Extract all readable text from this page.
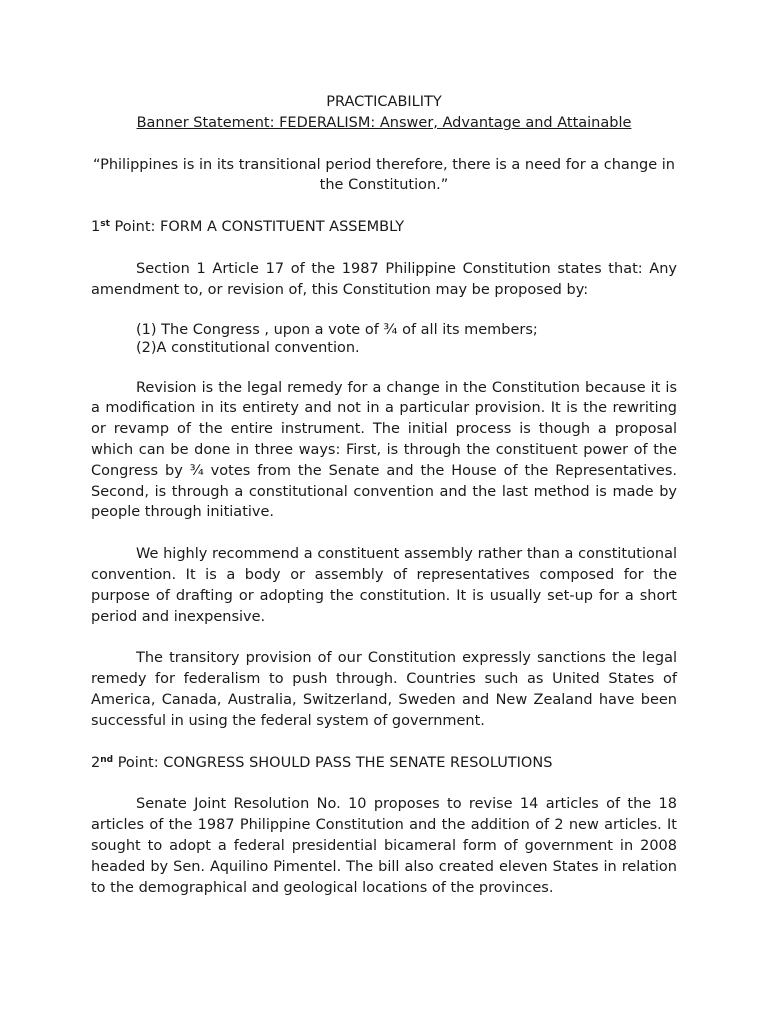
PRACTICABILITY

Banner Statement: FEDERALISM: Answer, Advantage and Attainable

“Philippines is in its transitional period therefore, there is a need for a change in the Constitution.”

1st Point: FORM A CONSTITUENT ASSEMBLY

Section 1 Article 17 of the 1987 Philippine Constitution states that: Any amendment to, or revision of, this Constitution may be proposed by:

(1) The Congress , upon a vote of ¾ of all its members;
(2)A constitutional convention.

Revision is the legal remedy for a change in the Constitution because it is a modification in its entirety and not in a particular provision. It is the rewriting or revamp of the entire instrument. The initial process is though a proposal which can be done in three ways: First, is through the constituent power of the Congress by ¾ votes from the Senate and the House of the Representatives. Second, is through a constitutional convention and the last method is made by people through initiative.

We highly recommend a constituent assembly rather than a constitutional convention. It is a body or assembly of representatives composed for the purpose of drafting or adopting the constitution. It is usually set-up for a short period and inexpensive.

The transitory provision of our Constitution expressly sanctions the legal remedy for federalism to push through. Countries such as United States of America, Canada, Australia, Switzerland, Sweden and New Zealand have been successful in using the federal system of government.

2nd Point: CONGRESS SHOULD PASS THE SENATE RESOLUTIONS

Senate Joint Resolution No. 10 proposes to revise 14 articles of the 18 articles of the 1987 Philippine Constitution and the addition of 2 new articles. It sought to adopt a federal presidential bicameral form of government in 2008 headed by Sen. Aquilino Pimentel. The bill also created eleven States in relation to the demographical and geological locations of the provinces.
